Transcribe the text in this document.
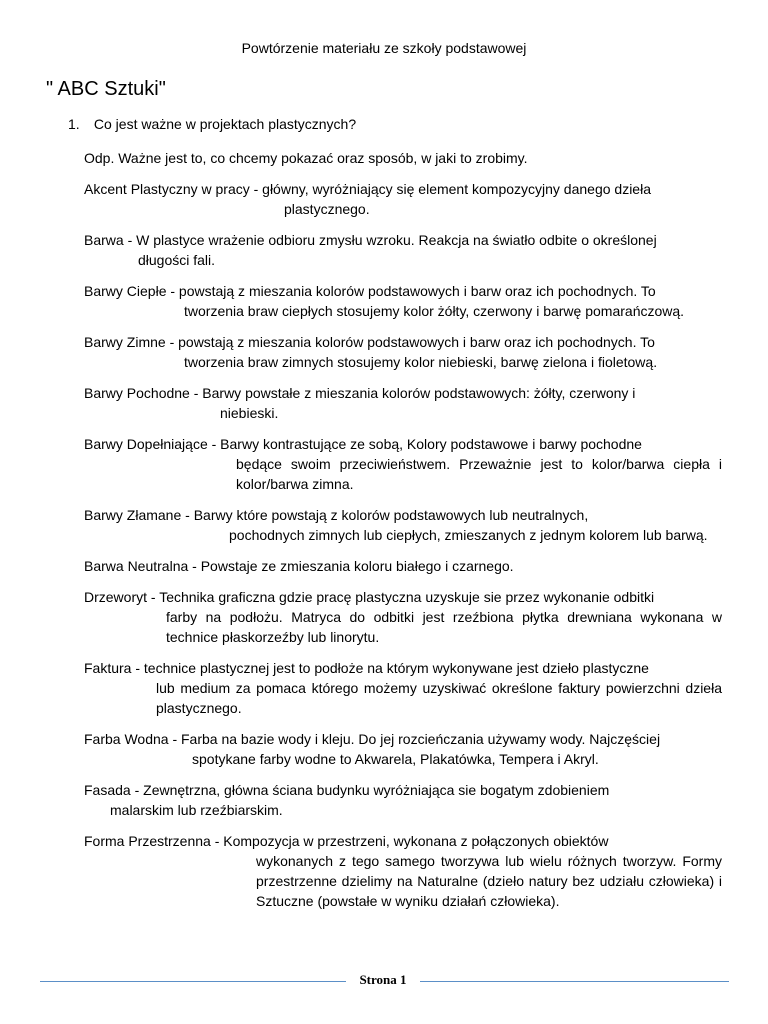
Powtórzenie materiału ze szkoły podstawowej
" ABC Sztuki"
1. Co jest ważne w projektach plastycznych?
Odp. Ważne jest to, co chcemy pokazać oraz sposób, w jaki to zrobimy.
Akcent Plastyczny w pracy - główny, wyróżniający się element kompozycyjny danego dzieła
plastycznego.
Barwa - W plastyce wrażenie odbioru zmysłu wzroku. Reakcja na światło odbite o określonej
długości fali.
Barwy Ciepłe - powstają z mieszania kolorów podstawowych i barw oraz ich pochodnych. To
tworzenia braw ciepłych stosujemy kolor żółty, czerwony i barwę pomarańczową.
Barwy Zimne - powstają z mieszania kolorów podstawowych i barw oraz ich pochodnych. To
tworzenia braw zimnych stosujemy kolor niebieski, barwę zielona i fioletową.
Barwy Pochodne - Barwy powstałe z mieszania kolorów podstawowych: żółty, czerwony i
niebieski.
Barwy Dopełniające - Barwy kontrastujące ze sobą, Kolory podstawowe i barwy pochodne
będące swoim przeciwieństwem. Przeważnie jest to kolor/barwa ciepła i kolor/barwa zimna.
Barwy Złamane - Barwy które powstają z kolorów podstawowych lub neutralnych,
pochodnych zimnych lub ciepłych, zmieszanych z jednym kolorem lub barwą.
Barwa Neutralna - Powstaje ze zmieszania koloru białego i czarnego.
Drzeworyt - Technika graficzna gdzie pracę plastyczna uzyskuje sie przez wykonanie odbitki
farby na podłożu. Matryca do odbitki jest rzeźbiona płytka drewniana wykonana w technice płaskorzeźby lub linorytu.
Faktura - technice plastycznej jest to podłoże na którym wykonywane jest dzieło plastyczne
lub medium za pomaca którego możemy uzyskiwać określone faktury powierzchni dzieła plastycznego.
Farba Wodna - Farba na bazie wody i kleju. Do jej rozcieńczania używamy wody. Najczęściej
spotykane farby wodne to Akwarela, Plakatówka, Tempera i Akryl.
Fasada - Zewnętrzna, główna ściana budynku wyróżniająca sie bogatym zdobieniem
malarskim lub rzeźbiarskim.
Forma Przestrzenna - Kompozycja w przestrzeni, wykonana z połączonych obiektów
wykonanych z tego samego tworzywa lub wielu różnych tworzyw. Formy przestrzenne dzielimy na Naturalne (dzieło natury bez udziału człowieka) i Sztuczne (powstałe w wyniku działań człowieka).
Strona 1
